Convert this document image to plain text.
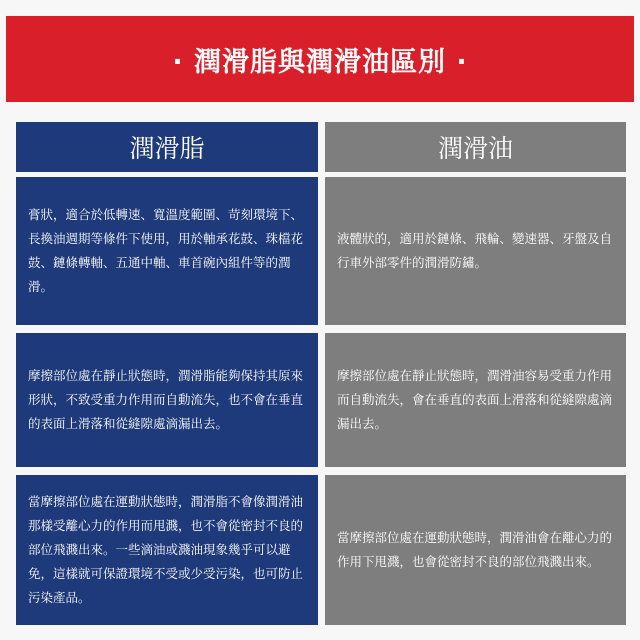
· 潤滑脂與潤滑油區別 ·
潤滑脂	潤滑油
膏狀，適合於低轉速、寬溫度範圍、苛刻環境下、長換油週期等條件下使用，用於軸承花鼓、珠檔花鼓、鏈條轉軸、五通中軸、車首碗內組件等的潤滑。
液體狀的，適用於鏈條、飛輪、變速器、牙盤及自行車外部零件的潤滑防鏽。
摩擦部位處在靜止狀態時，潤滑脂能夠保持其原來形狀，不致受重力作用而自動流失，也不會在垂直的表面上滑落和從縫隙處滴漏出去。
摩擦部位處在靜止狀態時，潤滑油容易受重力作用而自動流失，會在垂直的表面上滑落和從縫隙處滴漏出去。
當摩擦部位處在運動狀態時，潤滑脂不會像潤滑油那樣受離心力的作用而甩濺，也不會從密封不良的部位飛濺出來。一些滴油或濺油現象幾乎可以避免，這樣就可保證環境不受或少受污染，也可防止污染產品。
當摩擦部位處在運動狀態時，潤滑油會在離心力的作用下甩濺，也會從密封不良的部位飛濺出來。
